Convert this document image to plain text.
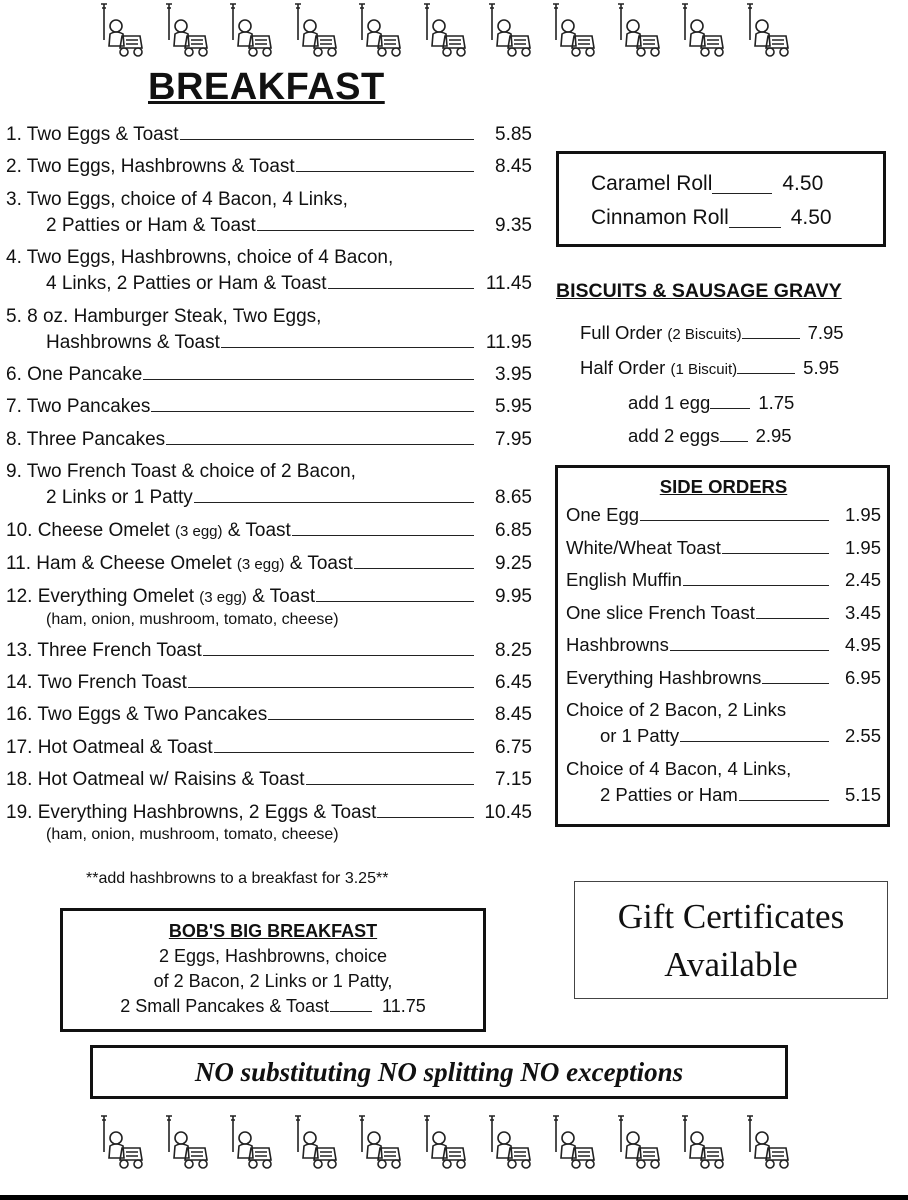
BREAKFAST
1. Two Eggs & Toast	5.85
2. Two Eggs, Hashbrowns & Toast	8.45
3. Two Eggs, choice of 4 Bacon, 4 Links,
2 Patties or Ham & Toast	9.35
4. Two Eggs, Hashbrowns, choice of 4 Bacon,
4 Links, 2 Patties or Ham & Toast	11.45
5. 8 oz. Hamburger Steak, Two Eggs,
Hashbrowns & Toast	11.95
6. One Pancake	3.95
7. Two Pancakes	5.95
8. Three Pancakes	7.95
9. Two French Toast & choice of 2 Bacon,
2 Links or 1 Patty	8.65
10. Cheese Omelet (3 egg) & Toast	6.85
11. Ham & Cheese Omelet (3 egg) & Toast	9.25
12. Everything Omelet (3 egg) & Toast	9.95
(ham, onion, mushroom, tomato, cheese)
13. Three French Toast	8.25
14. Two French Toast	6.45
16. Two Eggs & Two Pancakes	8.45
17. Hot Oatmeal & Toast	6.75
18. Hot Oatmeal w/ Raisins & Toast	7.15
19. Everything Hashbrowns, 2 Eggs & Toast	10.45
(ham, onion, mushroom, tomato, cheese)
**add hashbrowns to a breakfast for 3.25**
BOB'S BIG BREAKFAST
2 Eggs, Hashbrowns, choice
of 2 Bacon, 2 Links or 1 Patty,
2 Small Pancakes & Toast	11.75
NO substituting NO splitting NO exceptions
Caramel Roll	4.50
Cinnamon Roll	4.50
BISCUITS & SAUSAGE GRAVY
Full Order (2 Biscuits)	7.95
Half Order (1 Biscuit)	5.95
add 1 egg	1.75
add 2 eggs 2.95
SIDE ORDERS
One Egg	1.95
White/Wheat Toast	1.95
English Muffin	2.45
One slice French Toast	3.45
Hashbrowns	4.95
Everything Hashbrowns	6.95
Choice of 2 Bacon, 2 Links
or 1 Patty	2.55
Choice of 4 Bacon, 4 Links,
2 Patties or Ham	5.15
Gift Certificates
Available
